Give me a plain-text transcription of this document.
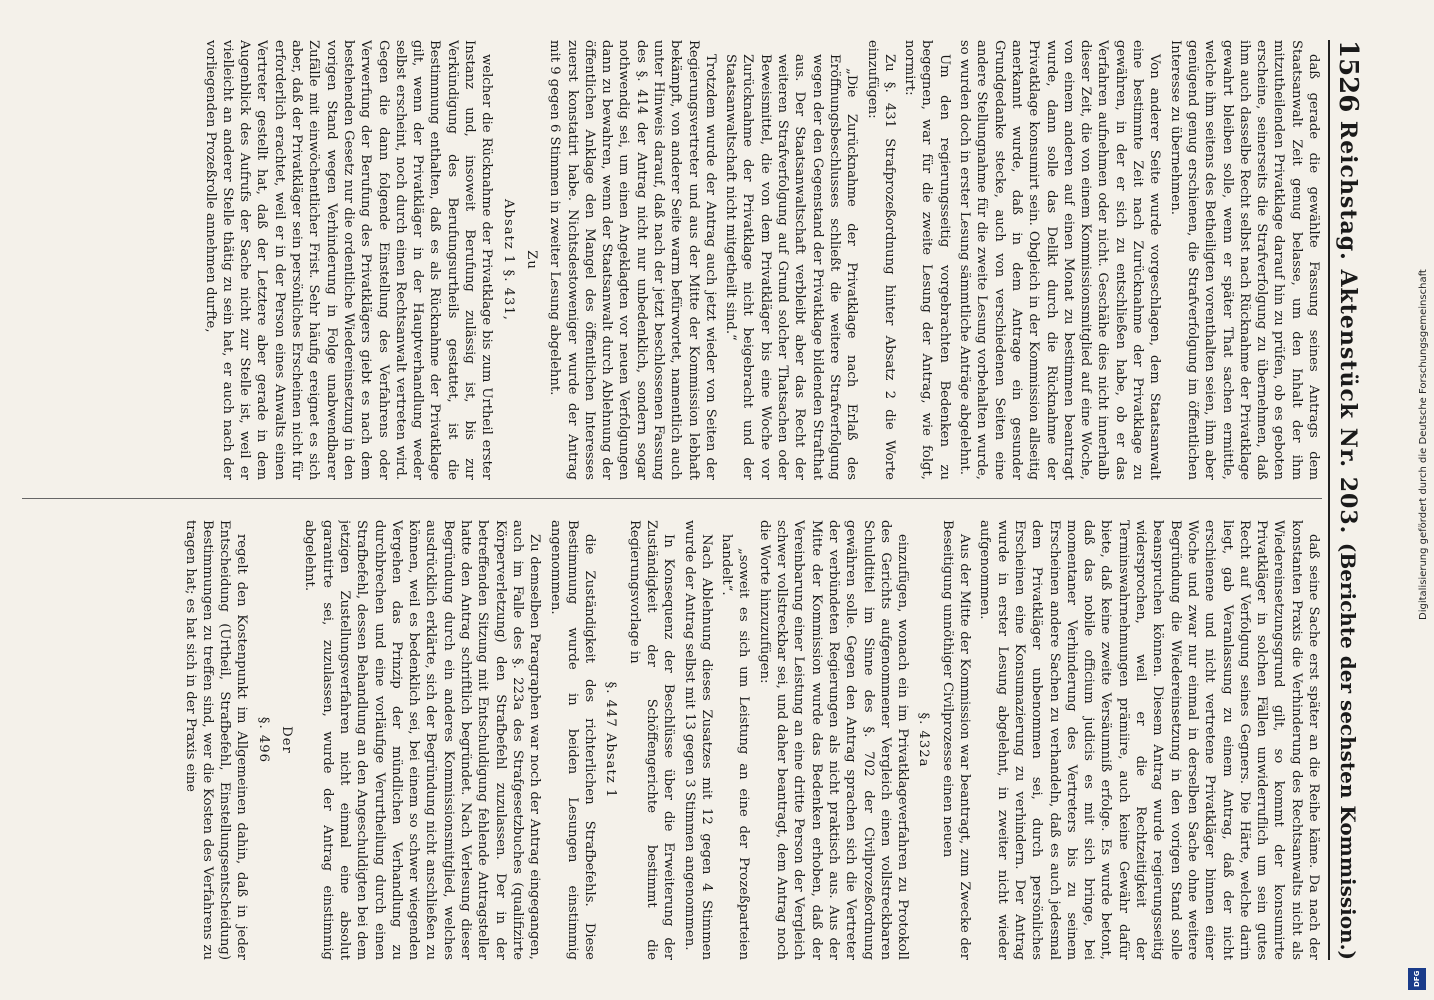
1526
Reichstag. Aktenstück Nr. 203.
(Berichte der sechsten Kommission.)

daß gerade die gewählte Fassung seines Antrags dem Staatsanwalt Zeit genug belasse, um den Inhalt der ihm mitzutheilenden Privatklage darauf hin zu prüfen, ob es geboten erscheine, seinerseits die Strafverfolgung zu übernehmen, daß ihm auch dasselbe Recht selbst nach Rücknahme der Privatklage gewahrt bleiben solle, wenn er später That sachen ermittle, welche ihm seitens des Betheiligten vorenthalten seien, ihm aber genügend genug erschienen, die Strafverfolgung im öffentlichen Interesse zu übernehmen.

Von anderer Seite wurde vorgeschlagen, dem Staatsanwalt eine bestimmte Zeit nach Zurücknahme der Privatklage zu gewähren, in der er sich zu entschließen habe, ob er das Verfahren aufnehmen oder nicht. Geschähe dies nicht innerhalb dieser Zeit, die von einem Kommissionsmitglied auf eine Woche, von einem anderen auf einen Monat zu bestimmen beantragt wurde, dann solle das Delikt durch die Rücknahme der Privatklage konsumirt sein. Obgleich in der Kommission allseitig anerkannt wurde, daß in dem Antrage ein gesunder Grundgedanke stecke, auch von verschiedenen Seiten eine andere Stellungnahme für die zweite Lesung vorbehalten wurde, so wurden doch in erster Lesung sämmtliche Anträge abgelehnt.

Um den regierungsseitig vorgebrachten Bedenken zu begegnen, war für die zweite Lesung der Antrag, wie folgt, normirt:

Zu §. 431 Strafprozeßordnung hinter Absatz 2 die Worte einzufügen:

„Die Zurücknahme der Privatklage nach Erlaß des Eröffnungsbeschlusses schließt die weitere Strafverfolgung wegen der den Gegenstand der Privatklage bildenden Strafthat aus. Der Staatsanwaltschaft verbleibt aber das Recht der weiteren Strafverfolgung auf Grund solcher Thatsachen oder Beweismittel, die von dem Privatkläger bis eine Woche vor Zurücknahme der Privatklage nicht beigebracht und der Staatsanwaltschaft nicht mitgetheilt sind.“

Trotzdem wurde der Antrag auch jetzt wieder von Seiten der Regierungsvertreter und aus der Mitte der Kommission lebhaft bekämpft, von anderer Seite warm befürwortet, namentlich auch unter Hinweis darauf, daß nach der jetzt beschlossenen Fassung des §. 414 der Antrag nicht nur unbedenklich, sondern sogar nothwendig sei, um einen Angeklagten vor neuen Verfolgungen dann zu bewahren, wenn der Staatsanwalt durch Ablehnung der öffentlichen Anklage den Mangel des öffentlichen Interesses zuerst konstatirt habe. Nichtsdestoweniger wurde der Antrag mit 9 gegen 6 Stimmen in zweiter Lesung abgelehnt.

Zu

Absatz 1 §. 431,

welcher die Rücknahme der Privatklage bis zum Urtheil erster Instanz und, insoweit Berufung zulässig ist, bis zur Verkündigung des Berufungsurtheils gestattet, ist die Bestimmung enthalten, daß es als Rücknahme der Privatklage gilt, wenn der Privatkläger in der Hauptverhandlung weder selbst erscheint, noch durch einen Rechtsanwalt vertreten wird. Gegen die dann folgende Einstellung des Verfahrens oder Verwerfung der Berufung des Privatklägers giebt es nach dem bestehenden Gesetz nur die ordentliche Wiedereinsetzung in den vorigen Stand wegen Verhinderung in Folge unabwendbarer Zufälle mit einwöchentlicher Frist. Sehr häufig ereignet es sich aber, daß der Privatkläger sein persönliches Erscheinen nicht für erforderlich erachtet, weil er in der Person eines Anwalts einen Vertreter gestellt hat, daß der Letztere aber gerade in dem Augenblick des Aufrufs der Sache nicht zur Stelle ist, weil er vielleicht an anderer Stelle thätig zu sein hat, er auch nach der vorliegenden Prozeßrolle annehmen durfte,

daß seine Sache erst später an die Reihe käme. Da nach der konstanten Praxis die Verhinderung des Rechtsanwalts nicht als Wiedereinsetzungsgrund gilt, so kommt der konsumirte Privatkläger in solchen Fällen unwiderruflich um sein gutes Recht auf Verfolgung seines Gegners. Die Härte, welche darin liegt, gab Veranlassung zu einem Antrag, daß der nicht erschienene und nicht vertretene Privatkläger binnen einer Woche und zwar nur einmal in derselben Sache ohne weitere Begründung die Wiedereinsetzung in den vorigen Stand solle beanspruchen können. Diesem Antrag wurde regierungsseitig widersprochen, weil er die Rechtzeitigkeit der Terminswahrnehmungen prämiire, auch keine Gewähr dafür biete, daß keine zweite Versäumniß erfolge. Es wurde betont, daß das nobile officium judicis es mit sich bringe, bei momentaner Verhinderung des Vertreters bis zu seinem Erscheinen andere Sachen zu verhandeln, daß es auch jedesmal dem Privatkläger unbenommen sei, durch persönliches Erscheinen eine Konsumazierung zu verhindern. Der Antrag wurde in erster Lesung abgelehnt, in zweiter nicht wieder aufgenommen.

Aus der Mitte der Kommission war beantragt, zum Zwecke der Beseitigung unnöthiger Civilprozesse einen neuen

§. 432a

einzufügen, wonach ein im Privatklageverfahren zu Protokoll des Gerichts aufgenommener Vergleich einen vollstreckbaren Schuldtitel im Sinne des §. 702 der Civilprozeßordnung gewähren solle. Gegen den Antrag sprachen sich die Vertreter der verbündeten Regierungen als nicht praktisch aus. Aus der Mitte der Kommission wurde das Bedenken erhoben, daß der Vereinbarung einer Leistung an eine dritte Person der Vergleich schwer vollstreckbar sei, und daher beantragt, dem Antrag noch die Worte hinzuzufügen:

„soweit es sich um Leistung an eine der Prozeßparteien handelt“.

Nach Ablehnung dieses Zusatzes mit 12 gegen 4 Stimmen wurde der Antrag selbst mit 13 gegen 3 Stimmen angenommen.

In Konsequenz der Beschlüsse über die Erweiterung der Zuständigkeit der Schöffengerichte bestimmt die Regierungsvorlage in

§. 447 Absatz 1

die Zuständigkeit des richterlichen Strafbefehls. Diese Bestimmung wurde in beiden Lesungen einstimmig angenommen.

Zu demselben Paragraphen war noch der Antrag eingegangen, auch im Falle des §. 223a des Strafgesetzbuches (qualifizirte Körperverletzung) den Strafbefehl zuzulassen. Der in der betreffenden Sitzung mit Entschuldigung fehlende Antragsteller hatte den Antrag schriftlich begründet. Nach Verlesung dieser Begründung durch ein anderes Kommissionsmitglied, welches ausdrücklich erklärte, sich der Begründung nicht anschließen zu können, weil es bedenklich sei, bei einem so schwer wiegenden Vergehen das Prinzip der mündlichen Verhandlung zu durchbrechen und eine vorläufige Verurtheilung durch einen Strafbefehl, dessen Behandlung an den Angeschuldigten bei dem jetzigen Zustellungsverfahren nicht einmal eine absolut garantirte sei, zuzulassen, wurde der Antrag einstimmig abgelehnt.

Der

§. 496

regelt den Kostenpunkt im Allgemeinen dahin, daß in jeder Entscheidung (Urtheil, Strafbefehl, Einstellungsentscheidung) Bestimmungen zu treffen sind, wer die Kosten des Verfahrens zu tragen hat; es hat sich in der Praxis eine

Digitalisierung gefördert durch die Deutsche Forschungsgemeinschaft
DFG
